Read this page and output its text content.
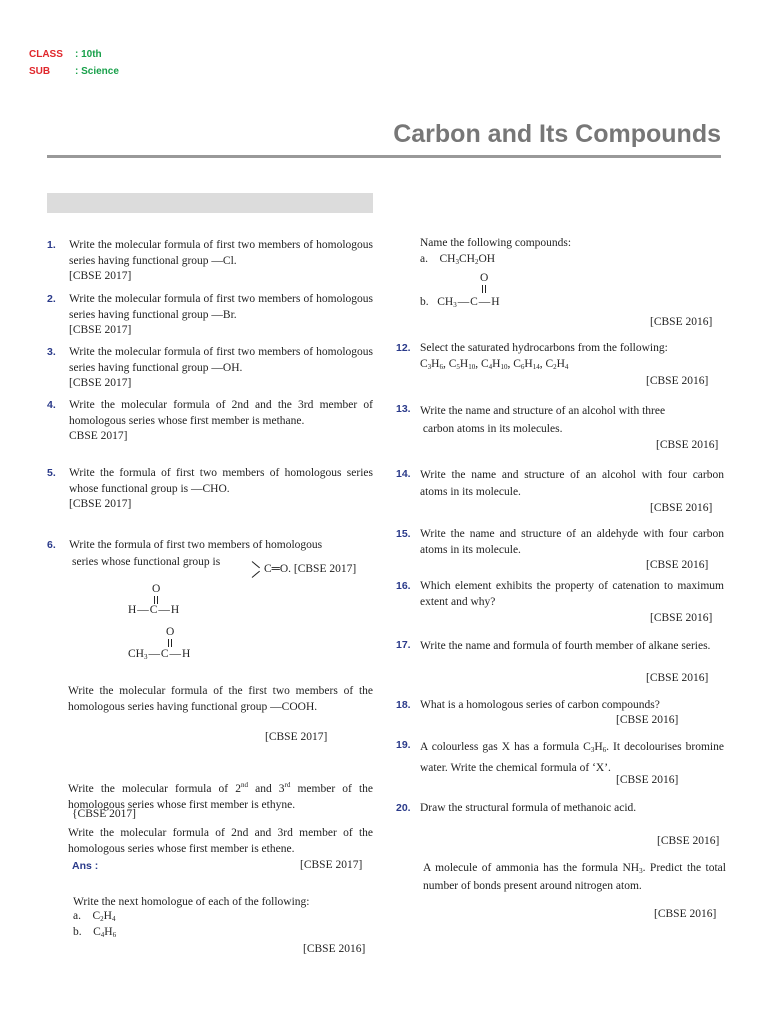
CLASS : 10th
SUB : Science
Carbon and Its Compounds
1. Write the molecular formula of first two members of homologous series having functional group —Cl.
[CBSE 2017]
2. Write the molecular formula of first two members of homologous series having functional group —Br.
[CBSE 2017]
3. Write the molecular formula of first two members of homologous series having functional group —OH.
[CBSE 2017]
4. Write the molecular formula of 2nd and the 3rd member of homologous series whose first member is methane.
CBSE 2017]
5. Write the formula of first two members of homologous series whose functional group is —CHO.
[CBSE 2017]
6. Write the formula of first two members of homologous
series whose functional group is
C═O. [CBSE 2017]
O
H — C — H
O
$CH_3$ — C — H
Write the molecular formula of the first two members of the homologous series having functional group —COOH.
[CBSE 2017]
Write the molecular formula of 2nd and 3rd member of the homologous series whose first member is ethyne.
{CBSE 2017]
Write the molecular formula of 2nd and 3rd member of the homologous series whose first member is ethene.
Ans :	[CBSE 2017]
Write the next homologue of each of the following:
a.    $C_2H_4$
b.    $C_4H_6$
[CBSE 2016]
Name the following compounds:
a.    $CH_3CH_2OH$
O
b.   $CH_3$ — C — H
[CBSE 2016]
12. Select the saturated hydrocarbons from the following:
$C_3H_6$, $C_5H_{10}$, $C_4H_{10}$, $C_6H_{14}$, $C_2H_4$
[CBSE 2016]
13. Write the name and structure of an alcohol with three
carbon atoms in its molecules.
[CBSE 2016]
14. Write the name and structure of an alcohol with four carbon atoms in its molecule.
[CBSE 2016]
15. Write the name and structure of an aldehyde with four carbon atoms in its molecule.
[CBSE 2016]
16. Which element exhibits the property of catenation to maximum extent and why?
[CBSE 2016]
17. Write the name and formula of fourth member of alkane series.
[CBSE 2016]
18. What is a homologous series of carbon compounds?
[CBSE 2016]
19. A colourless gas X has a formula $C_3H_6$. It decolourises bromine water. Write the chemical formula of ‘X’.
[CBSE 2016]
20. Draw the structural formula of methanoic acid.
[CBSE 2016]
A molecule of ammonia has the formula $NH_3$. Predict the total number of bonds present around nitrogen atom.
[CBSE 2016]
